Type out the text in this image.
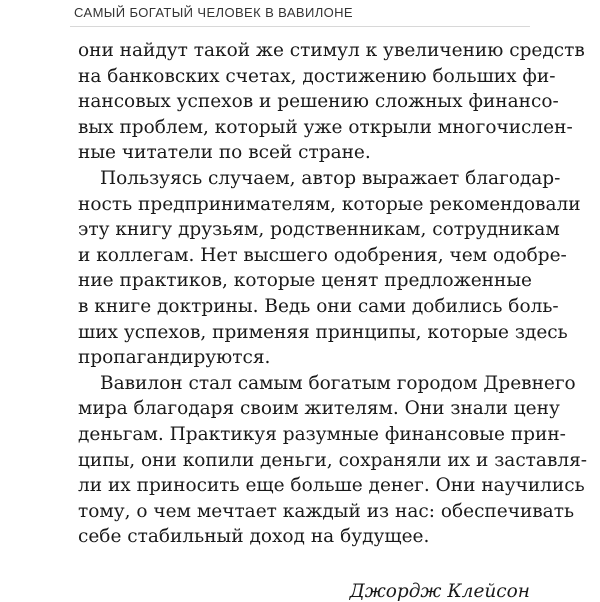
САМЫЙ БОГАТЫЙ ЧЕЛОВЕК В ВАВИЛОНЕ

они найдут такой же стимул к увеличению средств
на банковских счетах, достижению больших фи-
нансовых успехов и решению сложных финансо-
вых проблем, который уже открыли многочислен-
ные читатели по всей стране.

Пользуясь случаем, автор выражает благодар-
ность предпринимателям, которые рекомендовали
эту книгу друзьям, родственникам, сотрудникам
и коллегам. Нет высшего одобрения, чем одобре-
ние практиков, которые ценят предложенные
в книге доктрины. Ведь они сами добились боль-
ших успехов, применяя принципы, которые здесь
пропагандируются.

Вавилон стал самым богатым городом Древнего
мира благодаря своим жителям. Они знали цену
деньгам. Практикуя разумные финансовые прин-
ципы, они копили деньги, сохраняли их и заставля-
ли их приносить еще больше денег. Они научились
тому, о чем мечтает каждый из нас: обеспечивать
себе стабильный доход на будущее.

Джордж Клейсон
